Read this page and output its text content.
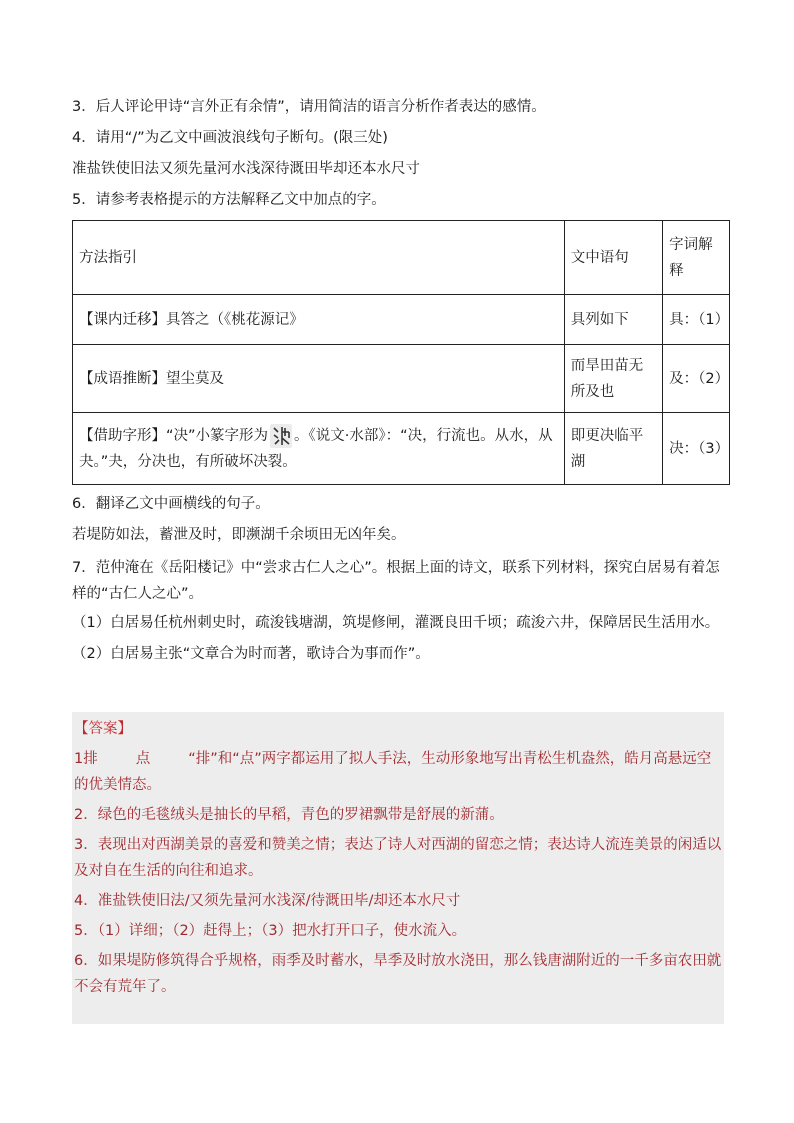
3．后人评论甲诗“言外正有余情”，请用简洁的语言分析作者表达的感情。

4．请用“/”为乙文中画波浪线句子断句。(限三处)

准盐铁使旧法又须先量河水浅深待溉田毕却还本水尺寸

5．请参考表格提示的方法解释乙文中加点的字。

方法指引	文中语句	字词解释
【课内迁移】具答之（《桃花源记》	具列如下	具：（1）
【成语推断】望尘莫及	而旱田苗无所及也	及：（2）
【借助字形】“决”小篆字形为 。《说文·水部》：“决，行流也。从水，从夬。”夬，分决也，有所破坏决裂。	即更决临平湖	决：（3）

6．翻译乙文中画横线的句子。

若堤防如法，蓄泄及时，即濒湖千余顷田无凶年矣。

7．范仲淹在《岳阳楼记》中“尝求古仁人之心”。根据上面的诗文，联系下列材料，探究白居易有着怎样的“古仁人之心”。

（1）白居易任杭州刺史时，疏浚钱塘湖，筑堤修闸，灌溉良田千顷；疏浚六井，保障居民生活用水。

（2）白居易主张“文章合为时而著，歌诗合为事而作”。

【答案】

1排	点	“排”和“点”两字都运用了拟人手法，生动形象地写出青松生机盎然，皓月高悬远空的优美情态。

2．绿色的毛毯绒头是抽长的早稻，青色的罗裙飘带是舒展的新蒲。

3．表现出对西湖美景的喜爱和赞美之情；表达了诗人对西湖的留恋之情；表达诗人流连美景的闲适以及对自在生活的向往和追求。

4．准盐铁使旧法/又须先量河水浅深/待溉田毕/却还本水尺寸

5．（1）详细；（2）赶得上；（3）把水打开口子，使水流入。

6．如果堤防修筑得合乎规格，雨季及时蓄水，旱季及时放水浇田，那么钱唐湖附近的一千多亩农田就不会有荒年了。
